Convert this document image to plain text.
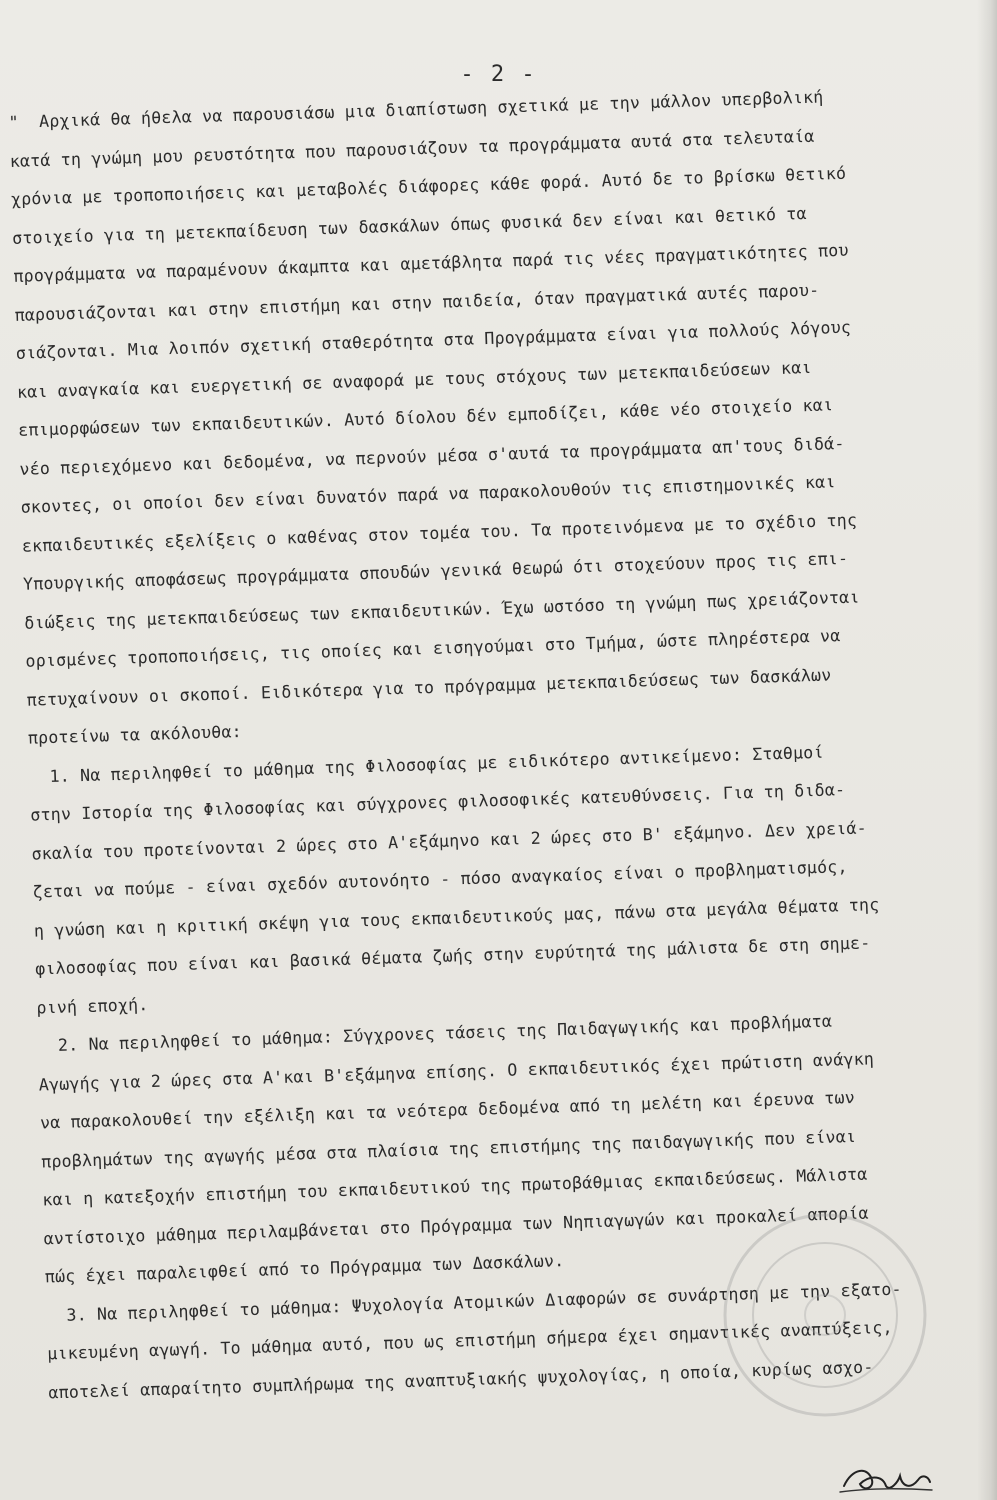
- 2 -
"  Αρχικά θα ήθελα να παρουσιάσω μια διαπίστωση σχετικά με την μάλλον υπερβολική
κατά τη γνώμη μου ρευστότητα που παρουσιάζουν τα προγράμματα αυτά στα τελευταία
χρόνια με τροποποιήσεις και μεταβολές διάφορες κάθε φορά. Αυτό δε το βρίσκω θετικό
στοιχείο για τη μετεκπαίδευση των δασκάλων όπως φυσικά δεν είναι και θετικό τα
προγράμματα να παραμένουν άκαμπτα και αμετάβλητα παρά τις νέες πραγματικότητες που
παρουσιάζονται και στην επιστήμη και στην παιδεία, όταν πραγματικά αυτές παρου-
σιάζονται. Μια λοιπόν σχετική σταθερότητα στα Προγράμματα είναι για πολλούς λόγους
και αναγκαία και ευεργετική σε αναφορά με τους στόχους των μετεκπαιδεύσεων και
επιμορφώσεων των εκπαιδευτικών. Αυτό δίολου δέν εμποδίζει, κάθε νέο στοιχείο και
νέο περιεχόμενο και δεδομένα, να περνούν μέσα σ'αυτά τα προγράμματα απ'τους διδά-
σκοντες, οι οποίοι δεν είναι δυνατόν παρά να παρακολουθούν τις επιστημονικές και
εκπαιδευτικές εξελίξεις ο καθένας στον τομέα του. Τα προτεινόμενα με το σχέδιο της
Υπουργικής αποφάσεως προγράμματα σπουδών γενικά θεωρώ ότι στοχεύουν προς τις επι-
διώξεις της μετεκπαιδεύσεως των εκπαιδευτικών. Έχω ωστόσο τη γνώμη πως χρειάζονται
ορισμένες τροποποιήσεις, τις οποίες και εισηγούμαι στο Τμήμα, ώστε πληρέστερα να
πετυχαίνουν οι σκοποί. Ειδικότερα για το πρόγραμμα μετεκπαιδεύσεως των δασκάλων
προτείνω τα ακόλουθα:
1. Να περιληφθεί το μάθημα της Φιλοσοφίας με ειδικότερο αντικείμενο: Σταθμοί
στην Ιστορία της Φιλοσοφίας και σύγχρονες φιλοσοφικές κατευθύνσεις. Για τη διδα-
σκαλία του προτείνονται 2 ώρες στο Α'εξάμηνο και 2 ώρες στο Β' εξάμηνο. Δεν χρειά-
ζεται να πούμε - είναι σχεδόν αυτονόητο - πόσο αναγκαίος είναι ο προβληματισμός,
η γνώση και η κριτική σκέψη για τους εκπαιδευτικούς μας, πάνω στα μεγάλα θέματα της
φιλοσοφίας που είναι και βασικά θέματα ζωής στην ευρύτητά της μάλιστα δε στη σημε-
ρινή εποχή.
2. Να περιληφθεί το μάθημα: Σύγχρονες τάσεις της Παιδαγωγικής και προβλήματα
Αγωγής για 2 ώρες στα Α'και Β'εξάμηνα επίσης. Ο εκπαιδευτικός έχει πρώτιστη ανάγκη
να παρακολουθεί την εξέλιξη και τα νεότερα δεδομένα από τη μελέτη και έρευνα των
προβλημάτων της αγωγής μέσα στα πλαίσια της επιστήμης της παιδαγωγικής που είναι
και η κατεξοχήν επιστήμη του εκπαιδευτικού της πρωτοβάθμιας εκπαιδεύσεως. Μάλιστα
αντίστοιχο μάθημα περιλαμβάνεται στο Πρόγραμμα των Νηπιαγωγών και προκαλεί απορία
πώς έχει παραλειφθεί από το Πρόγραμμα των Δασκάλων.
3. Να περιληφθεί το μάθημα: Ψυχολογία Ατομικών Διαφορών σε συνάρτηση με την εξατο-
μικευμένη αγωγή. Το μάθημα αυτό, που ως επιστήμη σήμερα έχει σημαντικές αναπτύξεις,
αποτελεί απαραίτητο συμπλήρωμα της αναπτυξιακής ψυχολογίας, η οποία, κυρίως ασχο-
